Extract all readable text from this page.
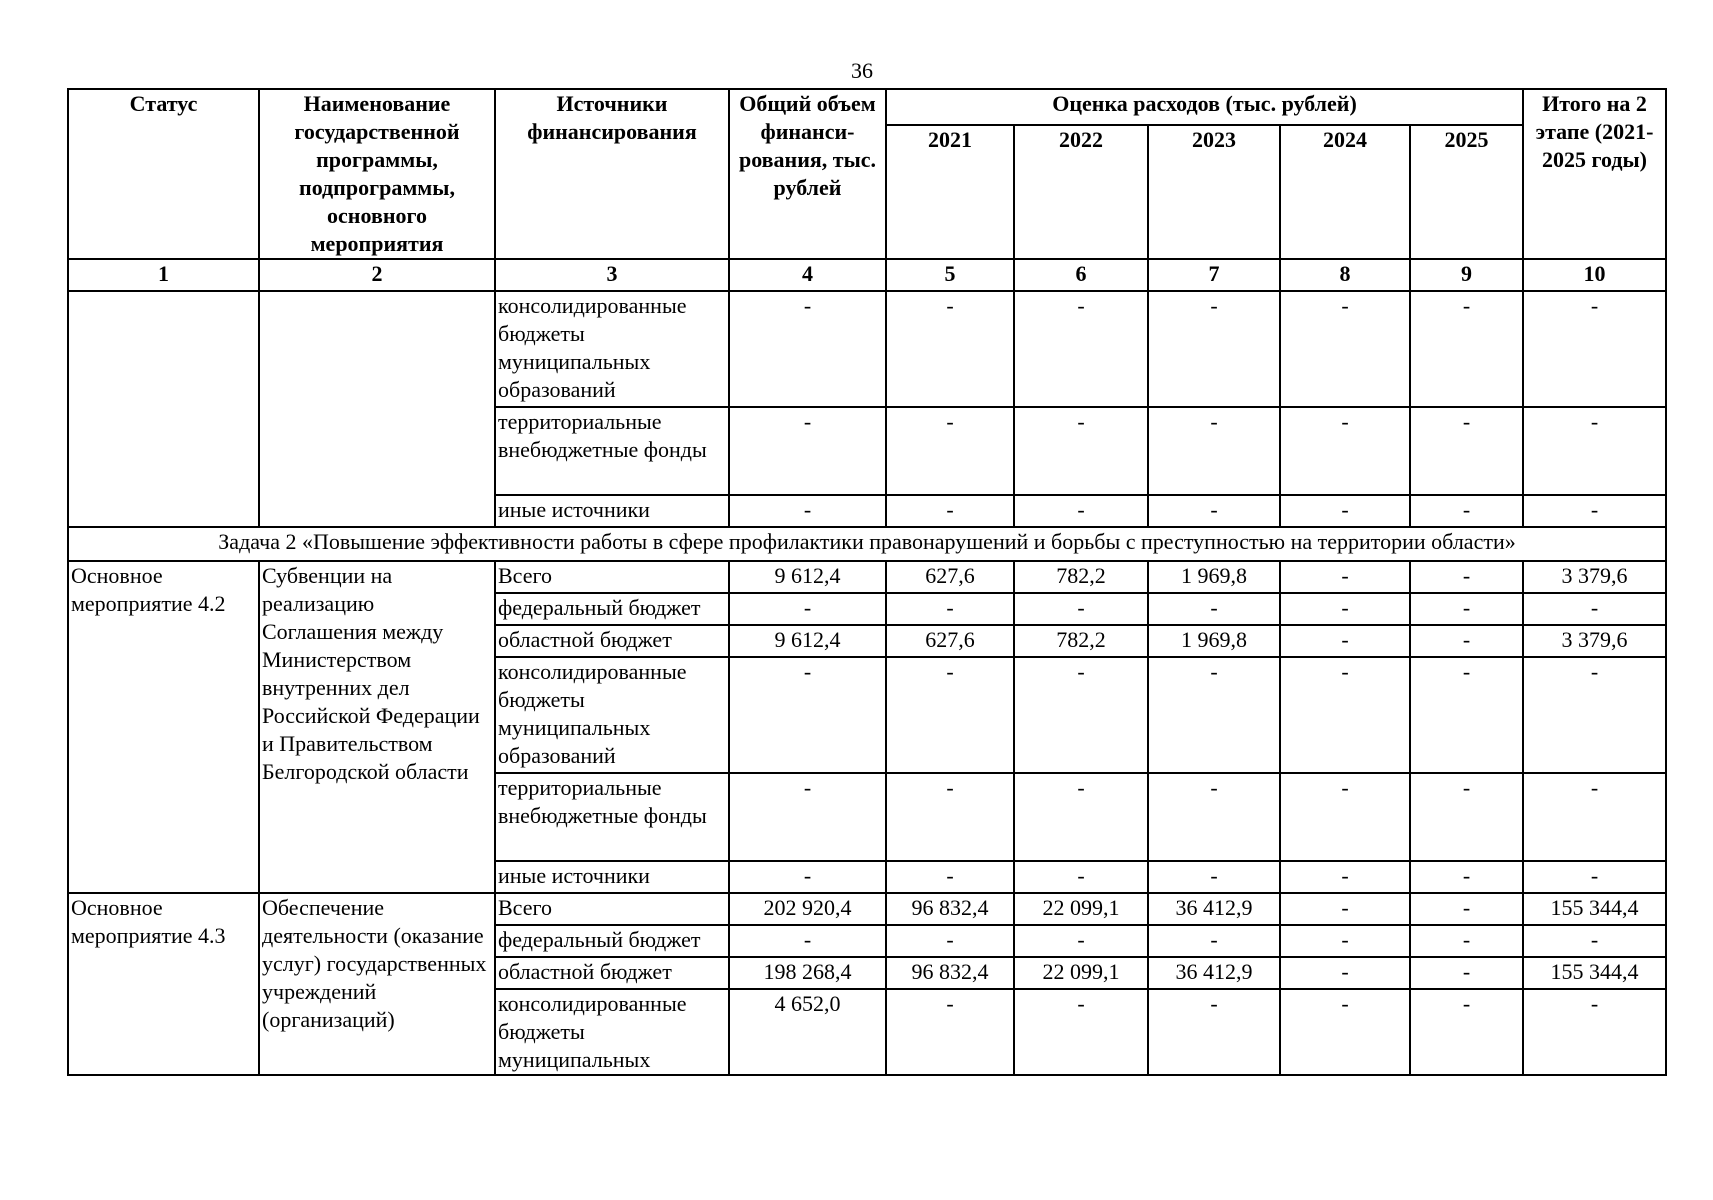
36
Статус	Наименование государственной программы, подпрограммы, основного мероприятия	Источники финансирования	Общий объем финанси-рования, тыс. рублей	Оценка расходов (тыс. рублей)					Итого на 2 этапе (2021-2025 годы)
				2021	2022	2023	2024	2025	
1	2	3	4	5	6	7	8	9	10
		консолидированные бюджеты муниципальных образований	-	-	-	-	-	-	-
		территориальные внебюджетные фонды	-	-	-	-	-	-	-
		иные источники	-	-	-	-	-	-	-
Задача 2 «Повышение эффективности работы в сфере профилактики правонарушений и борьбы с преступностью на территории области»									
Основное мероприятие 4.2	Субвенции на реализацию Соглашения между Министерством внутренних дел Российской Федерации и Правительством Белгородской области	Всего	9 612,4	627,6	782,2	1 969,8	-	-	3 379,6
		федеральный бюджет	-	-	-	-	-	-	-
		областной бюджет	9 612,4	627,6	782,2	1 969,8	-	-	3 379,6
		консолидированные бюджеты муниципальных образований	-	-	-	-	-	-	-
		территориальные внебюджетные фонды	-	-	-	-	-	-	-
		иные источники	-	-	-	-	-	-	-
Основное мероприятие 4.3	Обеспечение деятельности (оказание услуг) государственных учреждений (организаций)	Всего	202 920,4	96 832,4	22 099,1	36 412,9	-	-	155 344,4
		федеральный бюджет	-	-	-	-	-	-	-
		областной бюджет	198 268,4	96 832,4	22 099,1	36 412,9	-	-	155 344,4
		консолидированные бюджеты муниципальных	4 652,0	-	-	-	-	-	-
